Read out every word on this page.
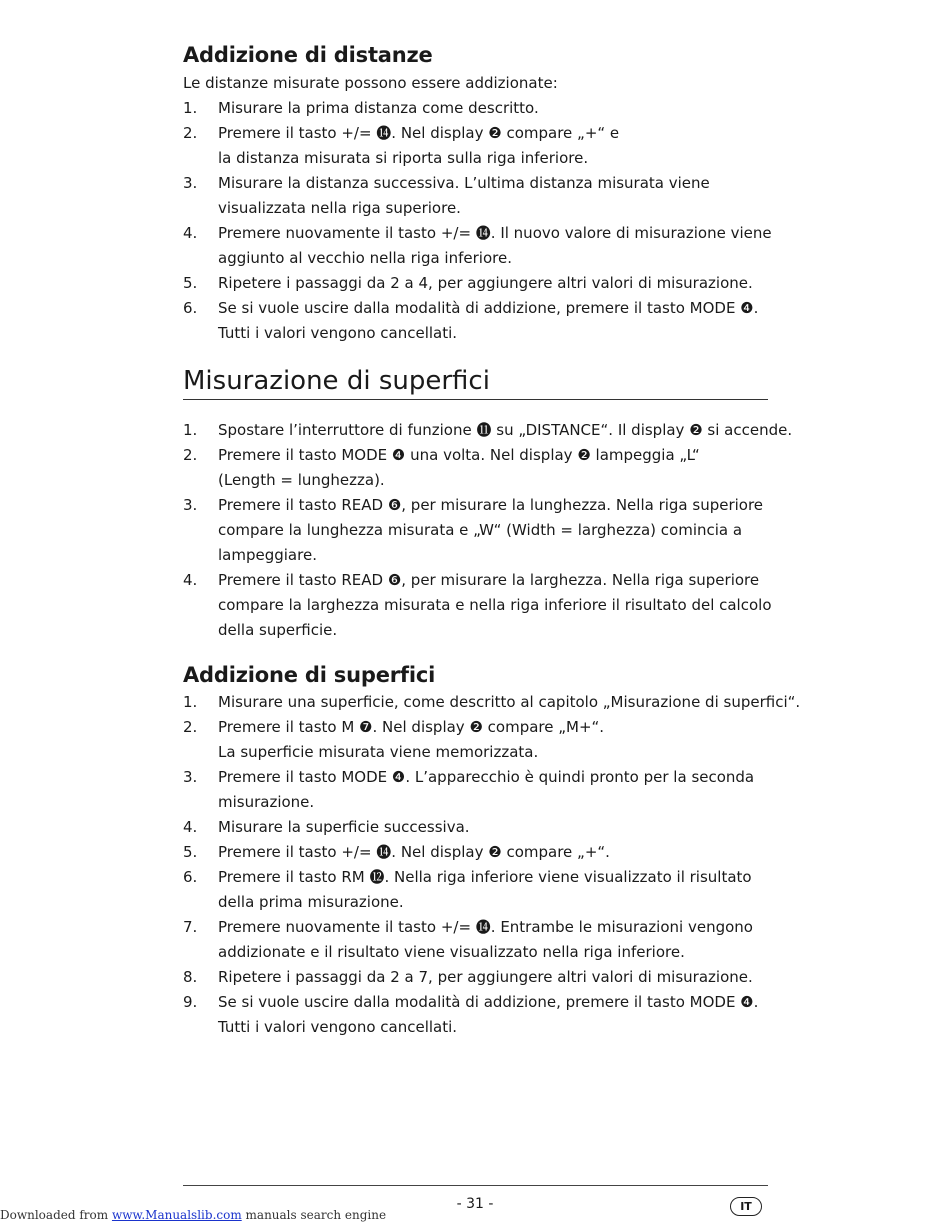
Addizione di distanze
Le distanze misurate possono essere addizionate:
1. Misurare la prima distanza come descritto.
2. Premere il tasto +/= ⓮. Nel display ❷ compare „+“ e
la distanza misurata si riporta sulla riga inferiore.
3. Misurare la distanza successiva. L’ultima distanza misurata viene
visualizzata nella riga superiore.
4. Premere nuovamente il tasto +/= ⓮. Il nuovo valore di misurazione viene
aggiunto al vecchio nella riga inferiore.
5. Ripetere i passaggi da 2 a 4, per aggiungere altri valori di misurazione.
6. Se si vuole uscire dalla modalità di addizione, premere il tasto MODE ❹.
Tutti i valori vengono cancellati.
Misurazione di superfici
1. Spostare l’interruttore di funzione ⓫ su „DISTANCE“. Il display ❷ si accende.
2. Premere il tasto MODE ❹ una volta. Nel display ❷ lampeggia „L“
(Length = lunghezza).
3. Premere il tasto READ ❻, per misurare la lunghezza. Nella riga superiore
compare la lunghezza misurata e „W“ (Width = larghezza) comincia a
lampeggiare.
4. Premere il tasto READ ❻, per misurare la larghezza. Nella riga superiore
compare la larghezza misurata e nella riga inferiore il risultato del calcolo
della superficie.
Addizione di superfici
1. Misurare una superficie, come descritto al capitolo „Misurazione di superfici“.
2. Premere il tasto M ❼. Nel display ❷ compare „M+“.
La superficie misurata viene memorizzata.
3. Premere il tasto MODE ❹. L’apparecchio è quindi pronto per la seconda
misurazione.
4. Misurare la superficie successiva.
5. Premere il tasto +/= ⓮. Nel display ❷ compare „+“.
6. Premere il tasto RM ⓬. Nella riga inferiore viene visualizzato il risultato
della prima misurazione.
7. Premere nuovamente il tasto +/= ⓮. Entrambe le misurazioni vengono
addizionate e il risultato viene visualizzato nella riga inferiore.
8. Ripetere i passaggi da 2 a 7, per aggiungere altri valori di misurazione.
9. Se si vuole uscire dalla modalità di addizione, premere il tasto MODE ❹.
Tutti i valori vengono cancellati.
- 31 -	IT
Downloaded from www.Manualslib.com manuals search engine
